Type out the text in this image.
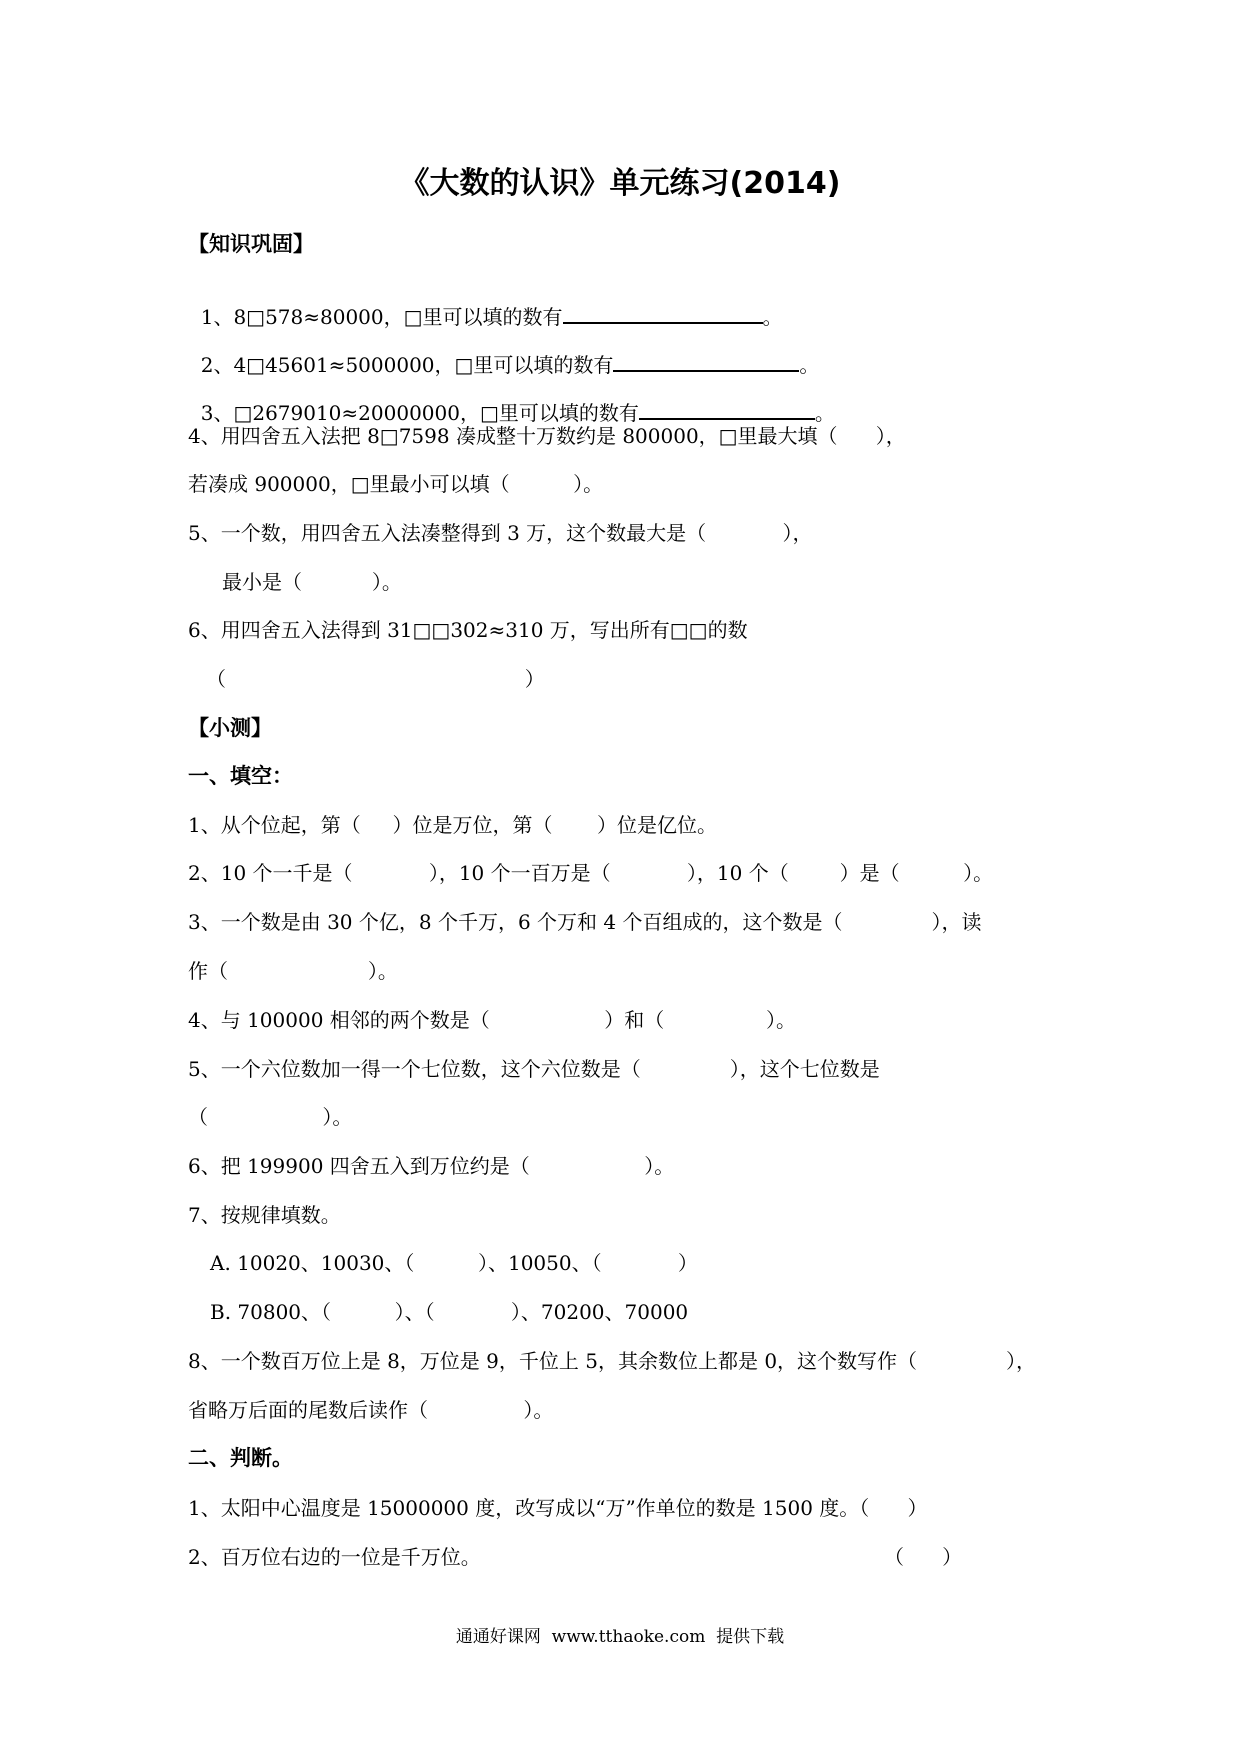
《大数的认识》单元练习(2014)
【知识巩固】

1、8□578≈80000，□里可以填的数有	。

2、4□45601≈5000000，□里可以填的数有	。

3、□2679010≈20000000，□里可以填的数有	。

4、用四舍五入法把 8□7598 凑成整十万数约是 800000，□里最大填（      ），
若凑成 900000，□里最小可以填（          ）。
5、一个数，用四舍五入法凑整得到 3 万，这个数最大是（            ），
最小是（           ）。
6、用四舍五入法得到 31□□302≈310 万，写出所有□□的数
（                                               ）
【小测】
一、填空：
1、从个位起，第（     ）位是万位，第（       ）位是亿位。
2、10 个一千是（            ），10 个一百万是（            ），10 个（        ）是（          ）。
3、一个数是由 30 个亿，8 个千万，6 个万和 4 个百组成的，这个数是（              ），读
作（                      ）。
4、与 100000 相邻的两个数是（                  ）和（                ）。
5、一个六位数加一得一个七位数，这个六位数是（              ），这个七位数是
（                  ）。
6、把 199900 四舍五入到万位约是（                  ）。
7、按规律填数。
A. 10020、10030、（          ）、10050、（            ）
B. 70800、（          ）、（            ）、70200、70000
8、一个数百万位上是 8，万位是 9，千位上 5，其余数位上都是 0，这个数写作（              ），
省略万后面的尾数后读作（               ）。
二、判断。
1、太阳中心温度是 15000000 度，改写成以“万”作单位的数是 1500 度。（      ）
2、百万位右边的一位是千万位。	（      ）
通通好课网  www.tthaoke.com  提供下载
